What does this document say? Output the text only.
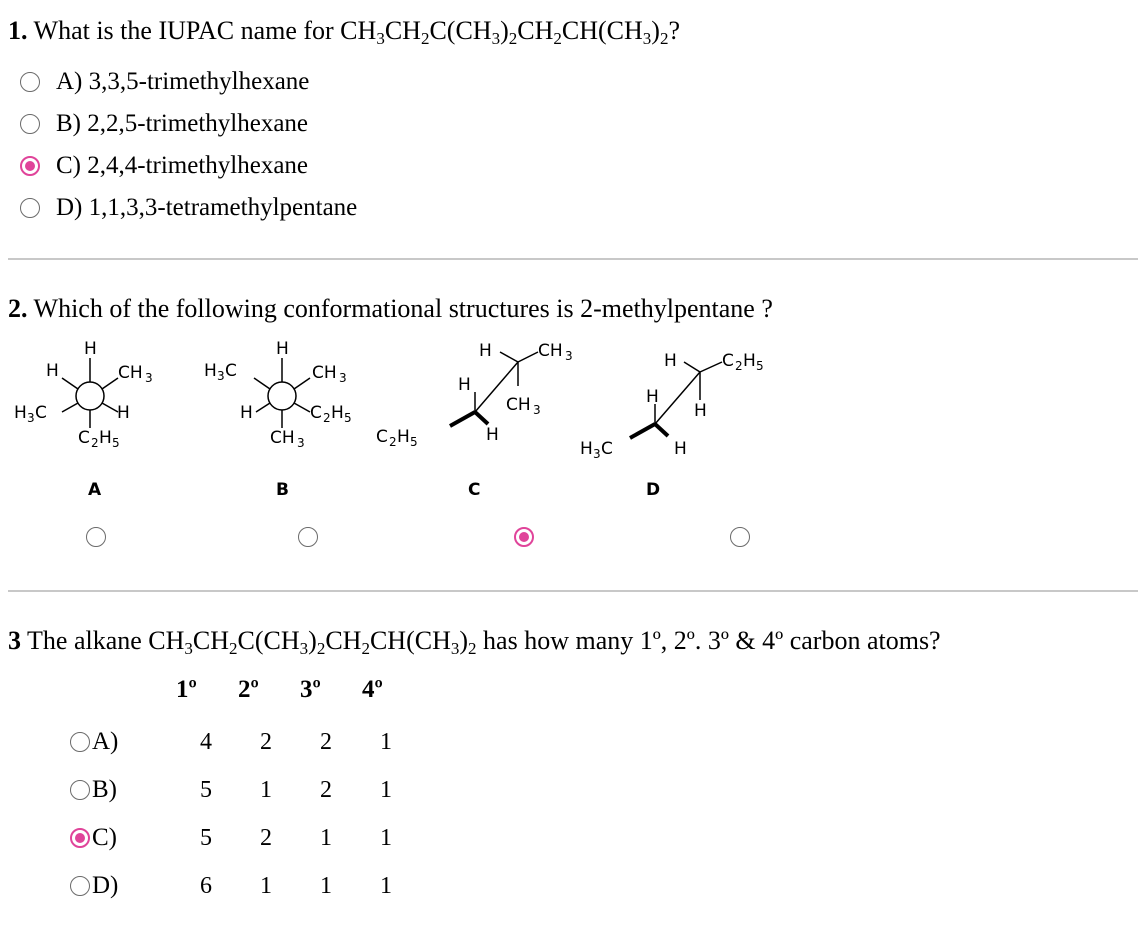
1. What is the IUPAC name for $CH_3CH_2C(CH_3)_2CH_2CH(CH_3)_2$?
A) 3,3,5-trimethylhexane
B) 2,2,5-trimethylhexane
C) 2,4,4-trimethylhexane
D) 1,1,3,3-tetramethylpentane
2. Which of the following conformational structures is 2-methylpentane ?
H
H	CH 3
H 3 C	H
C 2 H 5
H
H 3 C	CH 3
H	C 2 H 5
CH 3
H	CH 3
H
CH 3
C 2 H 5	H
H	C 2 H 5
H
H
H 3 C	H
A	B	C	D

3 The alkane $CH_3CH_2C(CH_3)_2CH_2CH(CH_3)_2$ has how many 1º, 2º. 3º & 4º carbon atoms?
1º 2º 3º 4º
A)	4	2	2	1
B)	5	1	2	1
C)	5	2	1	1
D)	6	1	1	1
